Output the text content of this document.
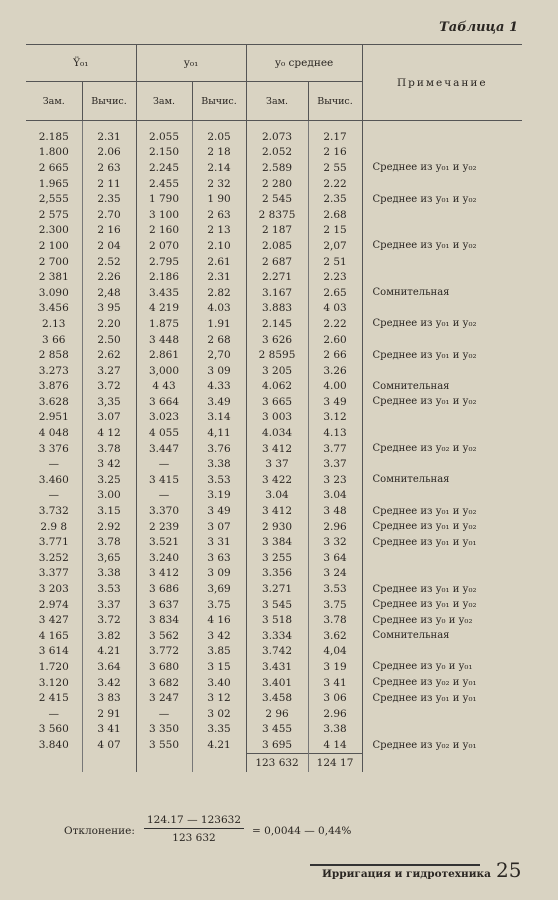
Таблица 1
Ϋ₀₁		у₀₁		у₀ среднее		Примечание
Зам.	Вычис.	Зам.	Вычис.	Зам.	Вычис.	

2.185	2.31	2.055	2.05	2.073	2.17	
1.800	2.06	2.150	2 18	2.052	2 16	
2 665	2 63	2.245	2.14	2.589	2 55	Среднее из у₀₁ и у₀₂
1.965	2 11	2.455	2 32	2 280	2.22	
2,555	2.35	1 790	1 90	2 545	2.35	Среднее из у₀₁ и у₀₂
2 575	2.70	3 100	2 63	2 8375	2.68	
2.300	2 16	2 160	2 13	2 187	2 15	
2 100	2 04	2 070	2.10	2.085	2,07	Среднее из у₀₁ и у₀₂
2 700	2.52	2.795	2.61	2 687	2 51	
2 381	2.26	2.186	2.31	2.271	2.23	
3.090	2,48	3.435	2.82	3.167	2.65	Сомнительная
3.456	3 95	4 219	4.03	3.883	4 03	
2.13	2.20	1.875	1.91	2.145	2.22	Среднее из у₀₁ и у₀₂
3 66	2.50	3 448	2 68	3 626	2.60	
2 858	2.62	2.861	2,70	2 8595	2 66	Среднее из у₀₁ и у₀₂
3.273	3.27	3,000	3 09	3 205	3.26	
3.876	3.72	4 43	4.33	4.062	4.00	Сомнительная
3.628	3,35	3 664	3.49	3 665	3 49	Среднее из у₀₁ и у₀₂
2.951	3.07	3.023	3.14	3 003	3.12	
4 048	4 12	4 055	4,11	4.034	4.13	
3 376	3.78	3.447	3.76	3 412	3.77	Среднее из у₀₂ и у₀₂
—	3 42	—	3.38	3 37	3.37	
3.460	3.25	3 415	3.53	3 422	3 23	Сомнительная
—	3.00	—	3.19	3.04	3.04	
3.732	3.15	3.370	3 49	3 412	3 48	Среднее из у₀₁ и у₀₂
2.9 8	2.92	2 239	3 07	2 930	2.96	Среднее из у₀₁ и у₀₂
3.771	3.78	3.521	3 31	3 384	3 32	Среднее из у₀₁ и у₀₁
3.252	3,65	3.240	3 63	3 255	3 64	
3.377	3.38	3 412	3 09	3.356	3 24	
3 203	3.53	3 686	3,69	3.271	3.53	Среднее из у₀₁ и у₀₂
2.974	3.37	3 637	3.75	3 545	3.75	Среднее из у₀₁ и у₀₂
3 427	3.72	3 834	4 16	3 518	3.78	Среднее из у₀ и у₀₂
4 165	3.82	3 562	3 42	3.334	3.62	Сомнительная
3 614	4.21	3.772	3.85	3.742	4,04	
1.720	3.64	3 680	3 15	3.431	3 19	Среднее из у₀ и у₀₁
3.120	3.42	3 682	3.40	3.401	3 41	Среднее из у₀₂ и у₀₁
2 415	3 83	3 247	3 12	3.458	3 06	Среднее из у₀₁ и у₀₁
—	2 91	—	3 02	2 96	2.96	
3 560	3 41	3 350	3.35	3 455	3.38	
3.840	4 07	3 550	4.21	3 695	4 14	Среднее из у₀₂ и у₀₁
				123 632	124 17	
Отклонение:
124.17 — 123632
123 632
= 0,0044 — 0,44%
Ирригация и гидротехника 25
